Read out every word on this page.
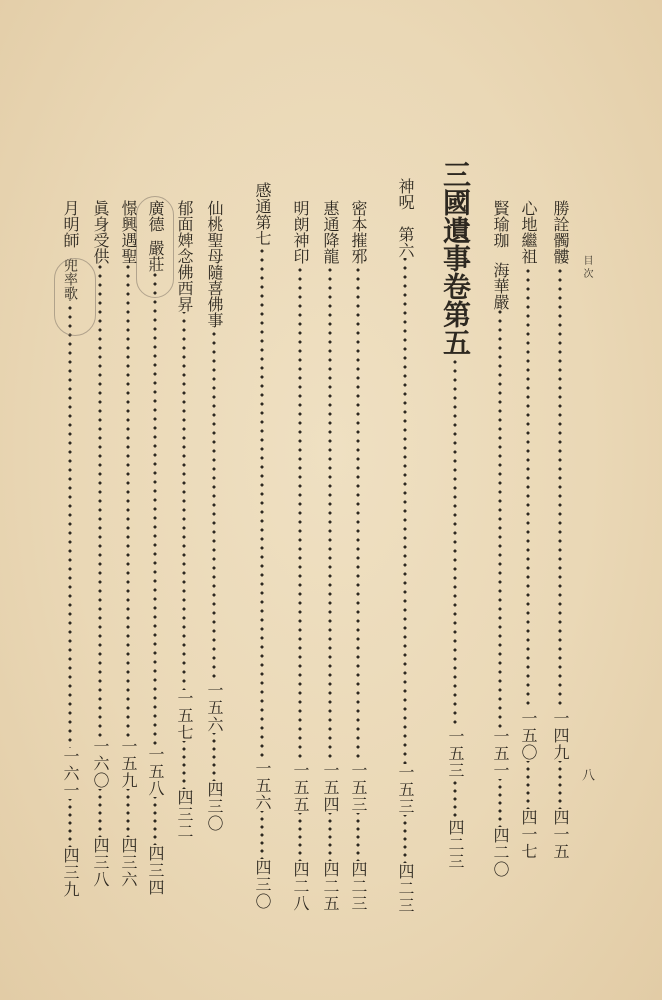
目 次
八
勝詮髑髏一四九四一五
心地繼祖一五〇四一七
賢瑜珈海華嚴一五一四二〇
三國遺事卷第五一五三四二三
神呪第六一五三四二三
密本摧邪一五三四二三
惠通降龍一五四四二五
明朗神印一五五四二八
感通第七一五六四三〇
仙桃聖母隨喜佛事一五六四三〇
郁面婢念佛西昇一五七四三二
廣德嚴莊一五八四三四
憬興遇聖一五九四三六
眞身受供一六〇四三八
月明師兜率歌一六一四三九
